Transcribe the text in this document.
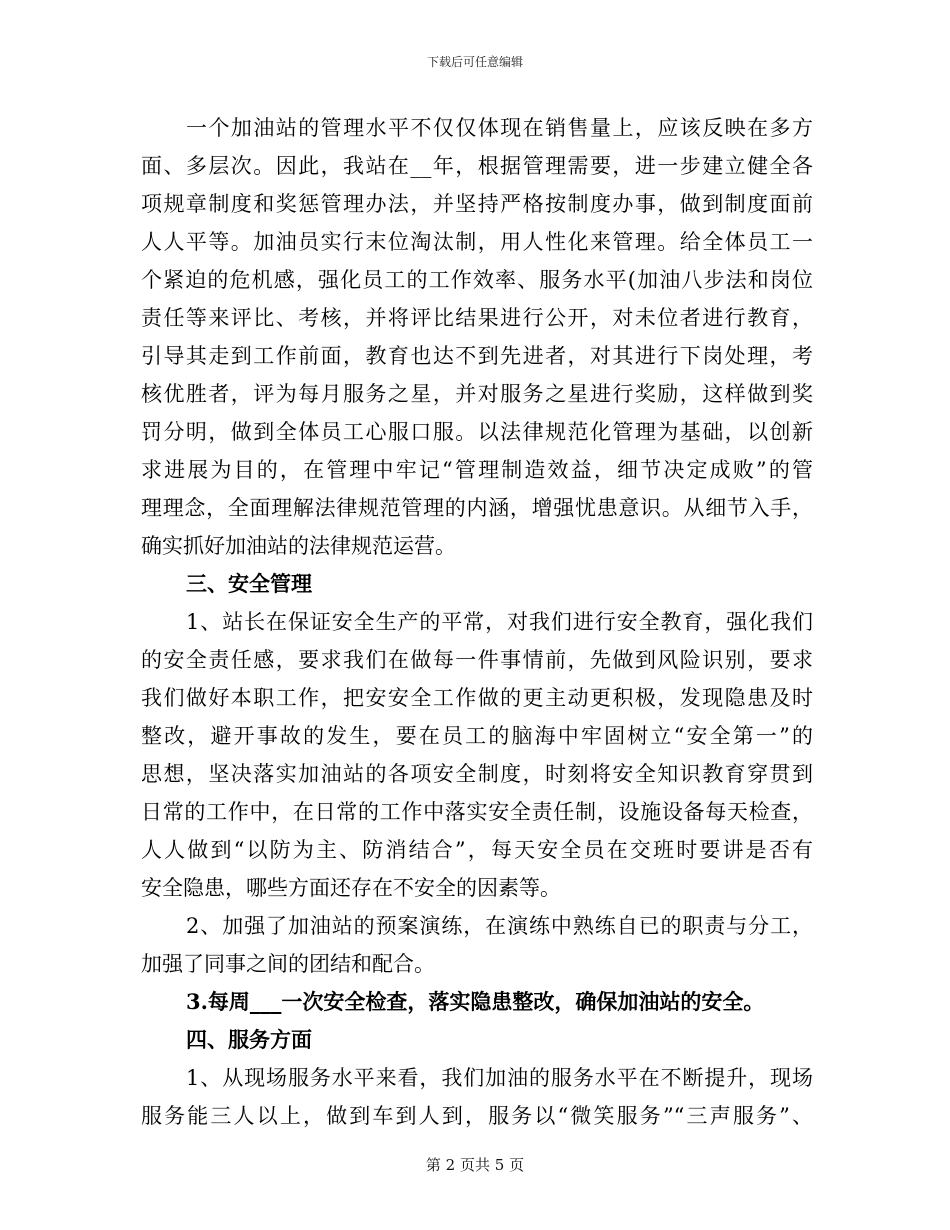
下载后可任意编辑
一个加油站的管理水平不仅仅体现在销售量上，应该反映在多方
面、多层次。因此，我站在__年，根据管理需要，进一步建立健全各
项规章制度和奖惩管理办法，并坚持严格按制度办事，做到制度面前
人人平等。加油员实行末位淘汰制，用人性化来管理。给全体员工一
个紧迫的危机感，强化员工的工作效率、服务水平(加油八步法和岗位
责任等来评比、考核，并将评比结果进行公开，对未位者进行教育，
引导其走到工作前面，教育也达不到先进者，对其进行下岗处理，考
核优胜者，评为每月服务之星，并对服务之星进行奖励，这样做到奖
罚分明，做到全体员工心服口服。以法律规范化管理为基础，以创新
求进展为目的，在管理中牢记“管理制造效益，细节决定成败”的管
理理念，全面理解法律规范管理的内涵，增强忧患意识。从细节入手，
确实抓好加油站的法律规范运营。
三、安全管理
1、站长在保证安全生产的平常，对我们进行安全教育，强化我们
的安全责任感，要求我们在做每一件事情前，先做到风险识别，要求
我们做好本职工作，把安安全工作做的更主动更积极，发现隐患及时
整改，避开事故的发生，要在员工的脑海中牢固树立“安全第一”的
思想，坚决落实加油站的各项安全制度，时刻将安全知识教育穿贯到
日常的工作中，在日常的工作中落实安全责任制，设施设备每天检查，
人人做到“以防为主、防消结合”，每天安全员在交班时要讲是否有
安全隐患，哪些方面还存在不安全的因素等。
2、加强了加油站的预案演练，在演练中熟练自已的职责与分工，
加强了同事之间的团结和配合。
3.每周___一次安全检查，落实隐患整改，确保加油站的安全。
四、服务方面
1、从现场服务水平来看，我们加油的服务水平在不断提升，现场
服务能三人以上，做到车到人到，服务以“微笑服务”“三声服务”、
第 2 页共 5 页
